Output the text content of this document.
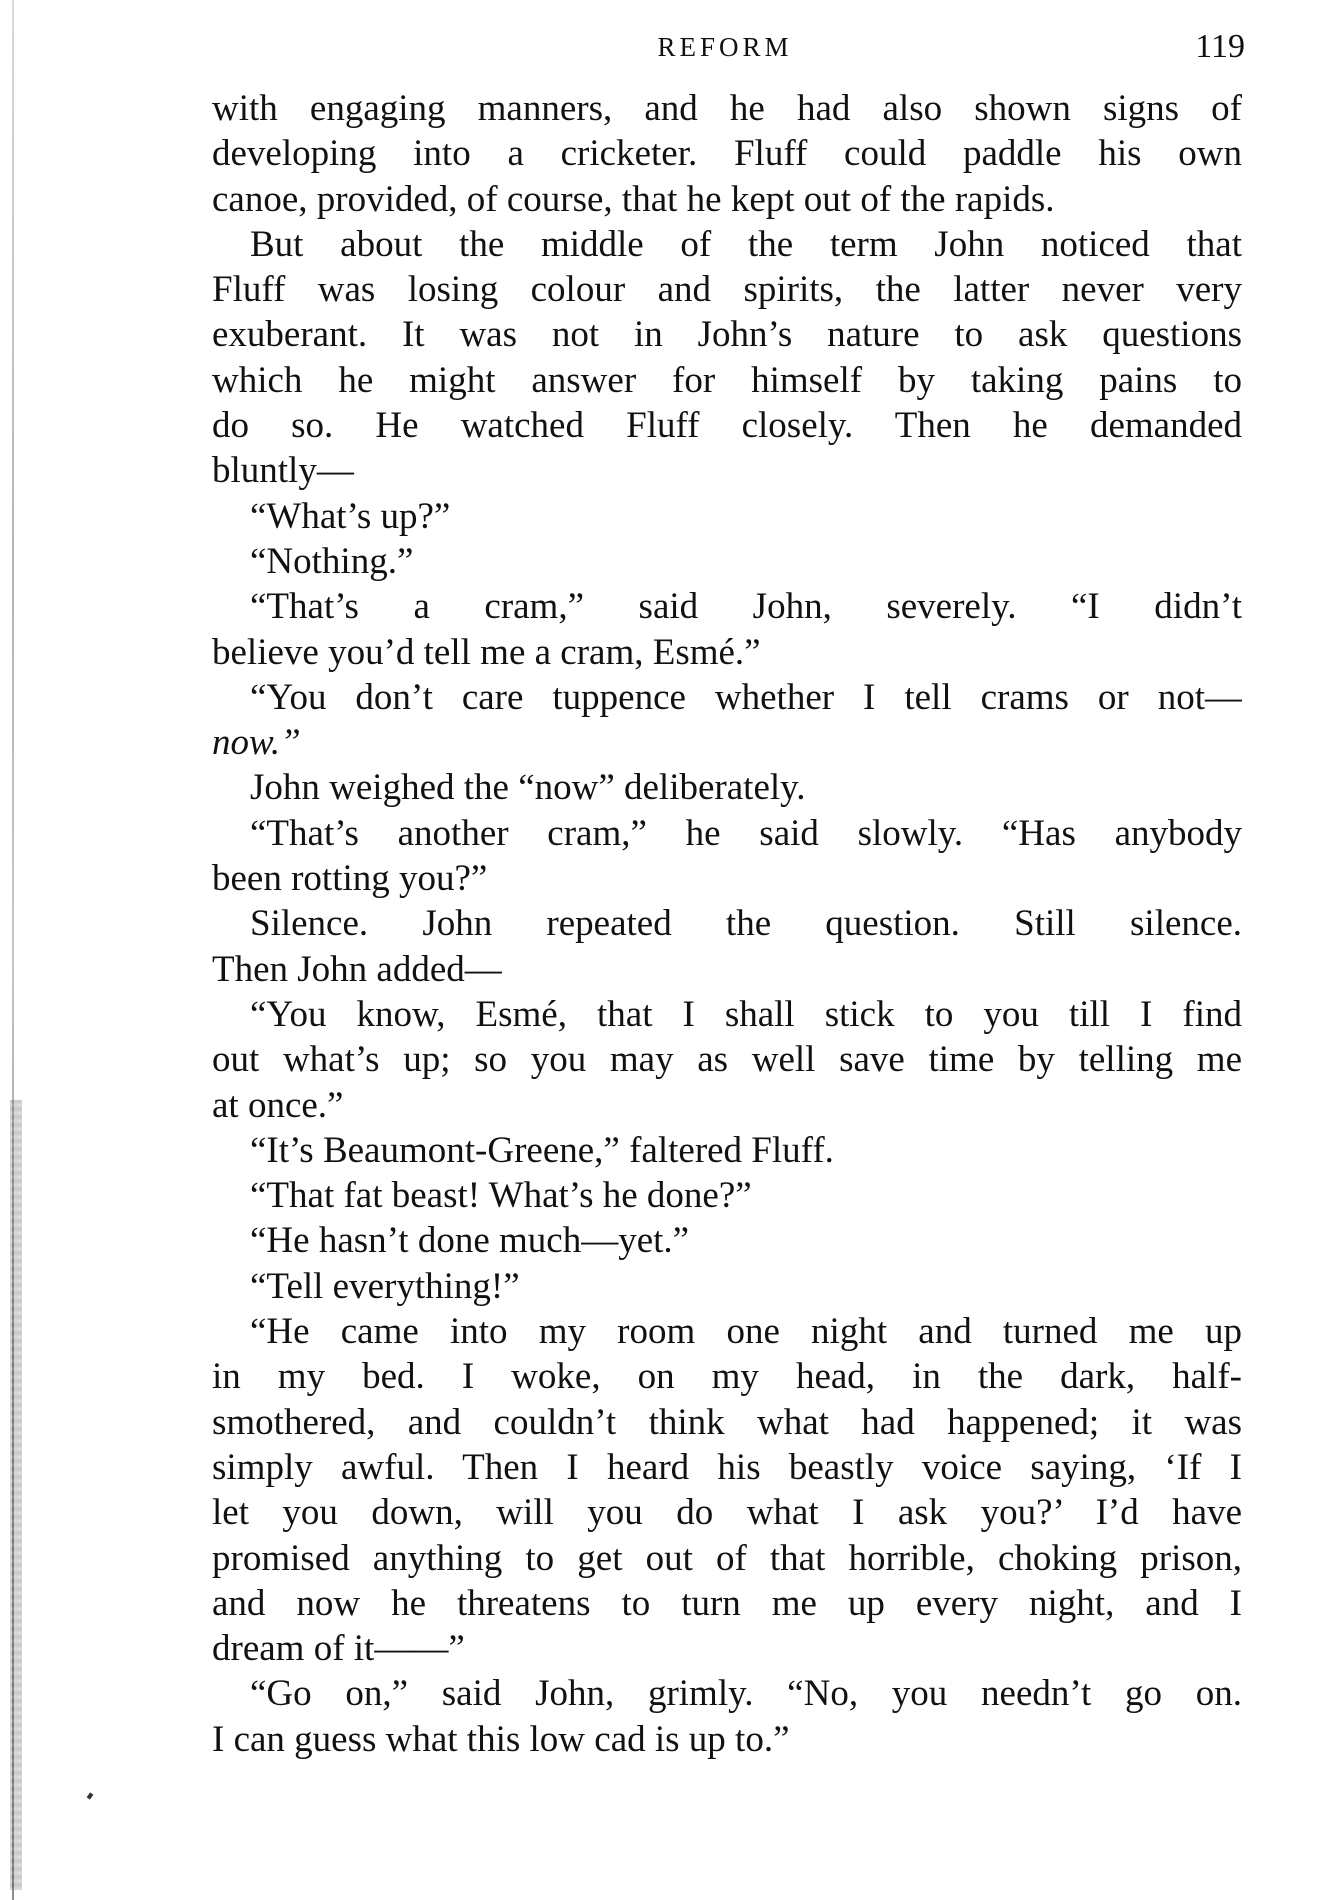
REFORM	119
with engaging manners, and he had also shown signs of
developing into a cricketer. Fluff could paddle his own
canoe, provided, of course, that he kept out of the rapids.
But about the middle of the term John noticed that
Fluff was losing colour and spirits, the latter never very
exuberant. It was not in John’s nature to ask questions
which he might answer for himself by taking pains to
do so. He watched Fluff closely. Then he demanded
bluntly—
“What’s up?”
“Nothing.”
“That’s a cram,” said John, severely. “I didn’t
believe you’d tell me a cram, Esmé.”
“You don’t care tuppence whether I tell crams or not—
now.”
John weighed the “now” deliberately.
“That’s another cram,” he said slowly. “Has anybody
been rotting you?”
Silence. John repeated the question. Still silence.
Then John added—
“You know, Esmé, that I shall stick to you till I find
out what’s up; so you may as well save time by telling me
at once.”
“It’s Beaumont-Greene,” faltered Fluff.
“That fat beast! What’s he done?”
“He hasn’t done much—yet.”
“Tell everything!”
“He came into my room one night and turned me up
in my bed. I woke, on my head, in the dark, half-
smothered, and couldn’t think what had happened; it was
simply awful. Then I heard his beastly voice saying, ‘If I
let you down, will you do what I ask you?’ I’d have
promised anything to get out of that horrible, choking prison,
and now he threatens to turn me up every night, and I
dream of it——”
“Go on,” said John, grimly. “No, you needn’t go on.
I can guess what this low cad is up to.”
